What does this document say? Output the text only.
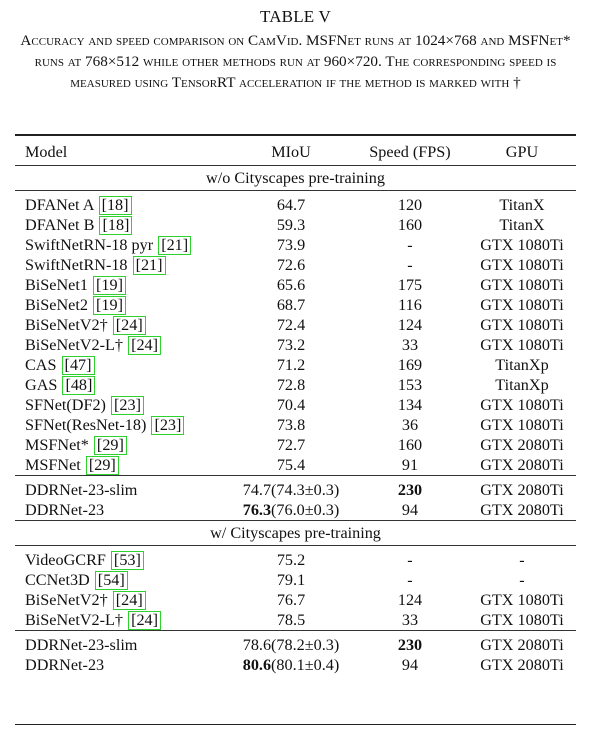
TABLE V
Accuracy and speed comparison on CamVid. MSFNet runs at 1024×768 and MSFNet* runs at 768×512 while other methods run at 960×720. The corresponding speed is measured using TensorRT acceleration if the method is marked with †
Model	MIoU	Speed (FPS)	GPU
w/o Cityscapes pre-training			
DFANet A [18]	64.7	120	TitanX
DFANet B [18]	59.3	160	TitanX
SwiftNetRN-18 pyr [21]	73.9	-	GTX 1080Ti
SwiftNetRN-18 [21]	72.6	-	GTX 1080Ti
BiSeNet1 [19]	65.6	175	GTX 1080Ti
BiSeNet2 [19]	68.7	116	GTX 1080Ti
BiSeNetV2† [24]	72.4	124	GTX 1080Ti
BiSeNetV2-L† [24]	73.2	33	GTX 1080Ti
CAS [47]	71.2	169	TitanXp
GAS [48]	72.8	153	TitanXp
SFNet(DF2) [23]	70.4	134	GTX 1080Ti
SFNet(ResNet-18) [23]	73.8	36	GTX 1080Ti
MSFNet* [29]	72.7	160	GTX 2080Ti
MSFNet [29]	75.4	91	GTX 2080Ti
DDRNet-23-slim	74.7(74.3±0.3)	230	GTX 2080Ti
DDRNet-23	76.3(76.0±0.3)	94	GTX 2080Ti
w/ Cityscapes pre-training			
VideoGCRF [53]	75.2	-	-
CCNet3D [54]	79.1	-	-
BiSeNetV2† [24]	76.7	124	GTX 1080Ti
BiSeNetV2-L† [24]	78.5	33	GTX 1080Ti
DDRNet-23-slim	78.6(78.2±0.3)	230	GTX 2080Ti
DDRNet-23	80.6(80.1±0.4)	94	GTX 2080Ti
